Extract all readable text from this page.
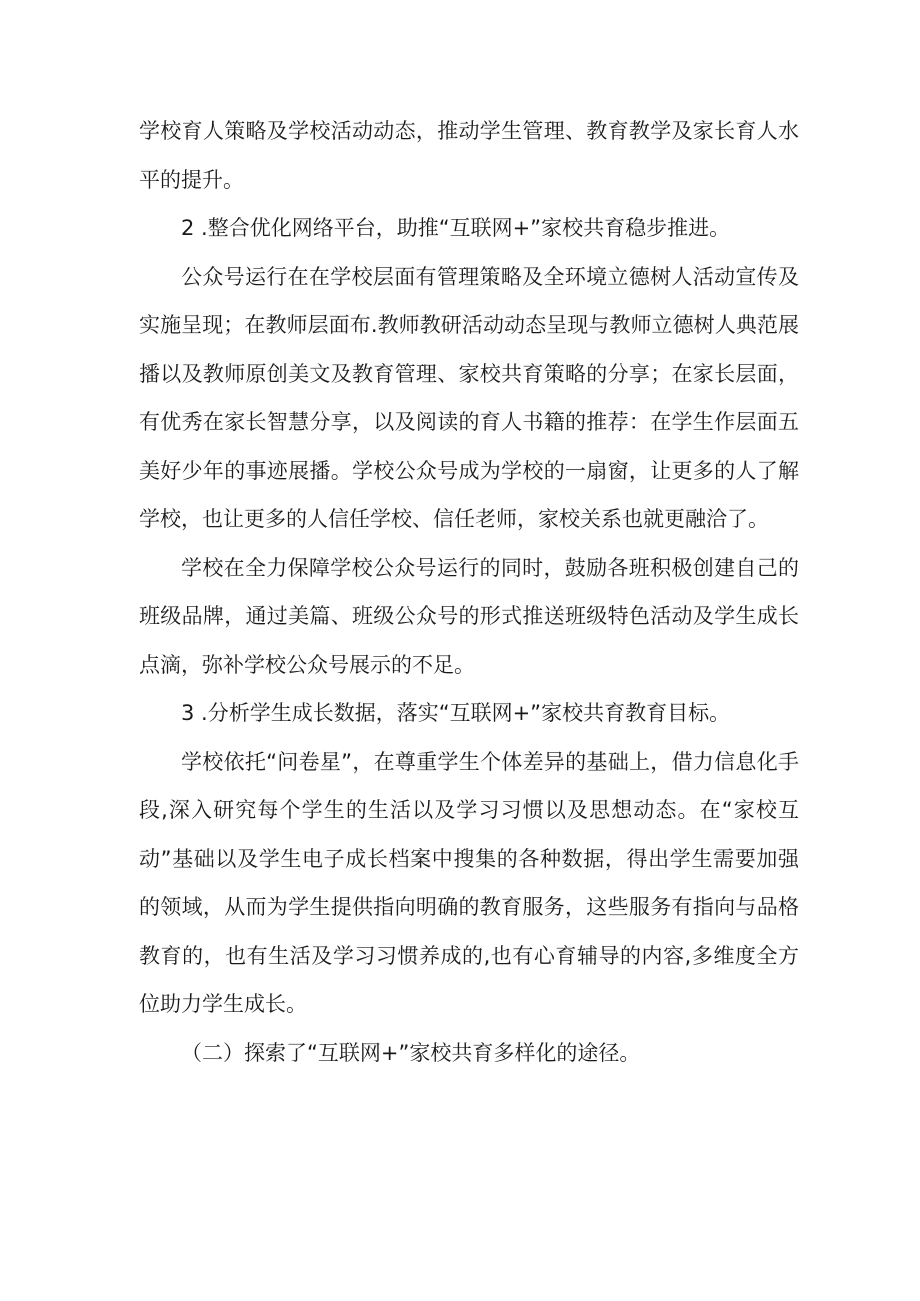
学校育人策略及学校活动动态，推动学生管理、教育教学及家长育人水平的提升。

2 .整合优化网络平台，助推“互联网+”家校共育稳步推进。

公众号运行在在学校层面有管理策略及全环境立德树人活动宣传及实施呈现；在教师层面布.教师教研活动动态呈现与教师立德树人典范展播以及教师原创美文及教育管理、家校共育策略的分享；在家长层面，有优秀在家长智慧分享，以及阅读的育人书籍的推荐：在学生作层面五美好少年的事迹展播。学校公众号成为学校的一扇窗，让更多的人了解学校，也让更多的人信任学校、信任老师，家校关系也就更融洽了。

学校在全力保障学校公众号运行的同时，鼓励各班积极创建自己的班级品牌，通过美篇、班级公众号的形式推送班级特色活动及学生成长点滴，弥补学校公众号展示的不足。

3 .分析学生成长数据，落实“互联网+”家校共育教育目标。

学校依托“问卷星”，在尊重学生个体差异的基础上，借力信息化手段,深入研究每个学生的生活以及学习习惯以及思想动态。在“家校互动”基础以及学生电子成长档案中搜集的各种数据，得出学生需要加强的领域，从而为学生提供指向明确的教育服务，这些服务有指向与品格教育的，也有生活及学习习惯养成的,也有心育辅导的内容,多维度全方位助力学生成长。

（二）探索了“互联网+”家校共育多样化的途径。
